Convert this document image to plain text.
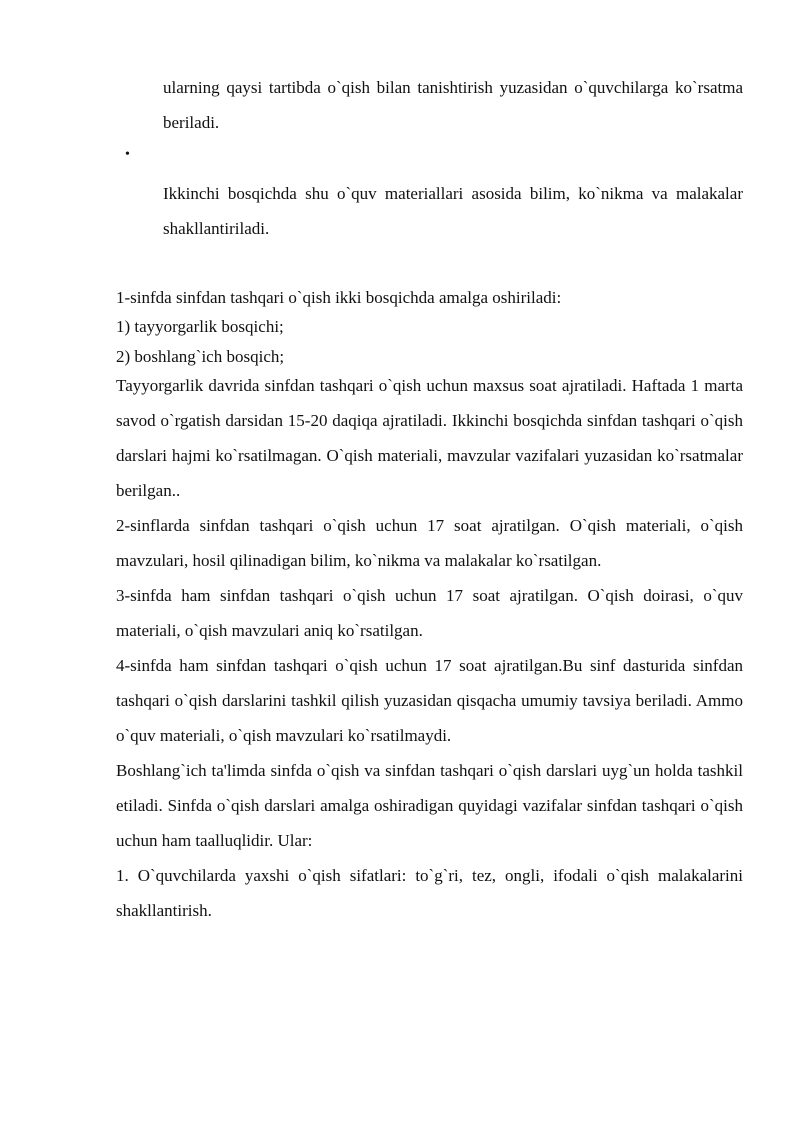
ularning qaysi tartibda o`qish bilan tanishtirish yuzasidan o`quvchilarga ko`rsatma beriladi.
•
Ikkinchi bosqichda shu o`quv materiallari asosida bilim, ko`nikma va malakalar shakllantiriladi.

1-sinfda sinfdan tashqari o`qish ikki bosqichda amalga oshiriladi:

1) tayyorgarlik bosqichi;

2) boshlang`ich bosqich;

Tayyorgarlik davrida sinfdan tashqari o`qish uchun maxsus soat ajratiladi. Haftada 1 marta savod o`rgatish darsidan 15-20 daqiqa ajratiladi. Ikkinchi bosqichda sinfdan tashqari o`qish darslari hajmi ko`rsatilmagan. O`qish materiali, mavzular vazifalari yuzasidan ko`rsatmalar berilgan..

2-sinflarda sinfdan tashqari o`qish uchun 17 soat ajratilgan. O`qish materiali, o`qish mavzulari, hosil qilinadigan bilim, ko`nikma va malakalar ko`rsatilgan.

3-sinfda ham sinfdan tashqari o`qish uchun 17 soat ajratilgan. O`qish doirasi, o`quv materiali, o`qish mavzulari aniq ko`rsatilgan.

4-sinfda ham sinfdan tashqari o`qish uchun 17 soat ajratilgan.Bu sinf dasturida sinfdan tashqari o`qish darslarini tashkil qilish yuzasidan qisqacha umumiy tavsiya beriladi. Ammo o`quv materiali, o`qish mavzulari ko`rsatilmaydi.

Boshlang`ich ta'limda sinfda o`qish va sinfdan tashqari o`qish darslari uyg`un holda tashkil etiladi. Sinfda o`qish darslari amalga oshiradigan quyidagi vazifalar sinfdan tashqari o`qish uchun ham taalluqlidir. Ular:

1. O`quvchilarda yaxshi o`qish sifatlari: to`g`ri, tez, ongli, ifodali o`qish malakalarini shakllantirish.
